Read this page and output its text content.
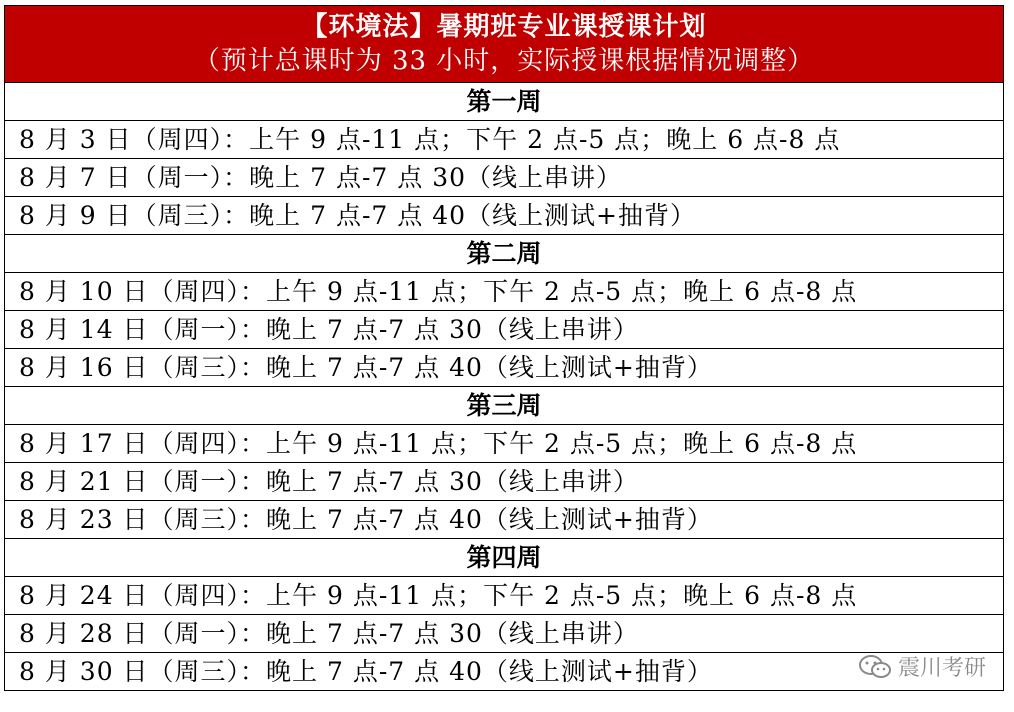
【环境法】暑期班专业课授课计划
（预计总课时为 33 小时，实际授课根据情况调整）

第一周
8 月 3 日（周四）：上午 9 点-11 点；下午 2 点-5 点；晚上 6 点-8 点
8 月 7 日（周一）：晚上 7 点-7 点 30（线上串讲）
8 月 9 日（周三）：晚上 7 点-7 点 40（线上测试+抽背）
第二周
8 月 10 日（周四）：上午 9 点-11 点；下午 2 点-5 点；晚上 6 点-8 点
8 月 14 日（周一）：晚上 7 点-7 点 30（线上串讲）
8 月 16 日（周三）：晚上 7 点-7 点 40（线上测试+抽背）
第三周
8 月 17 日（周四）：上午 9 点-11 点；下午 2 点-5 点；晚上 6 点-8 点
8 月 21 日（周一）：晚上 7 点-7 点 30（线上串讲）
8 月 23 日（周三）：晚上 7 点-7 点 40（线上测试+抽背）
第四周
8 月 24 日（周四）：上午 9 点-11 点；下午 2 点-5 点；晚上 6 点-8 点
8 月 28 日（周一）：晚上 7 点-7 点 30（线上串讲）
8 月 30 日（周三）：晚上 7 点-7 点 40（线上测试+抽背）	震川考研
